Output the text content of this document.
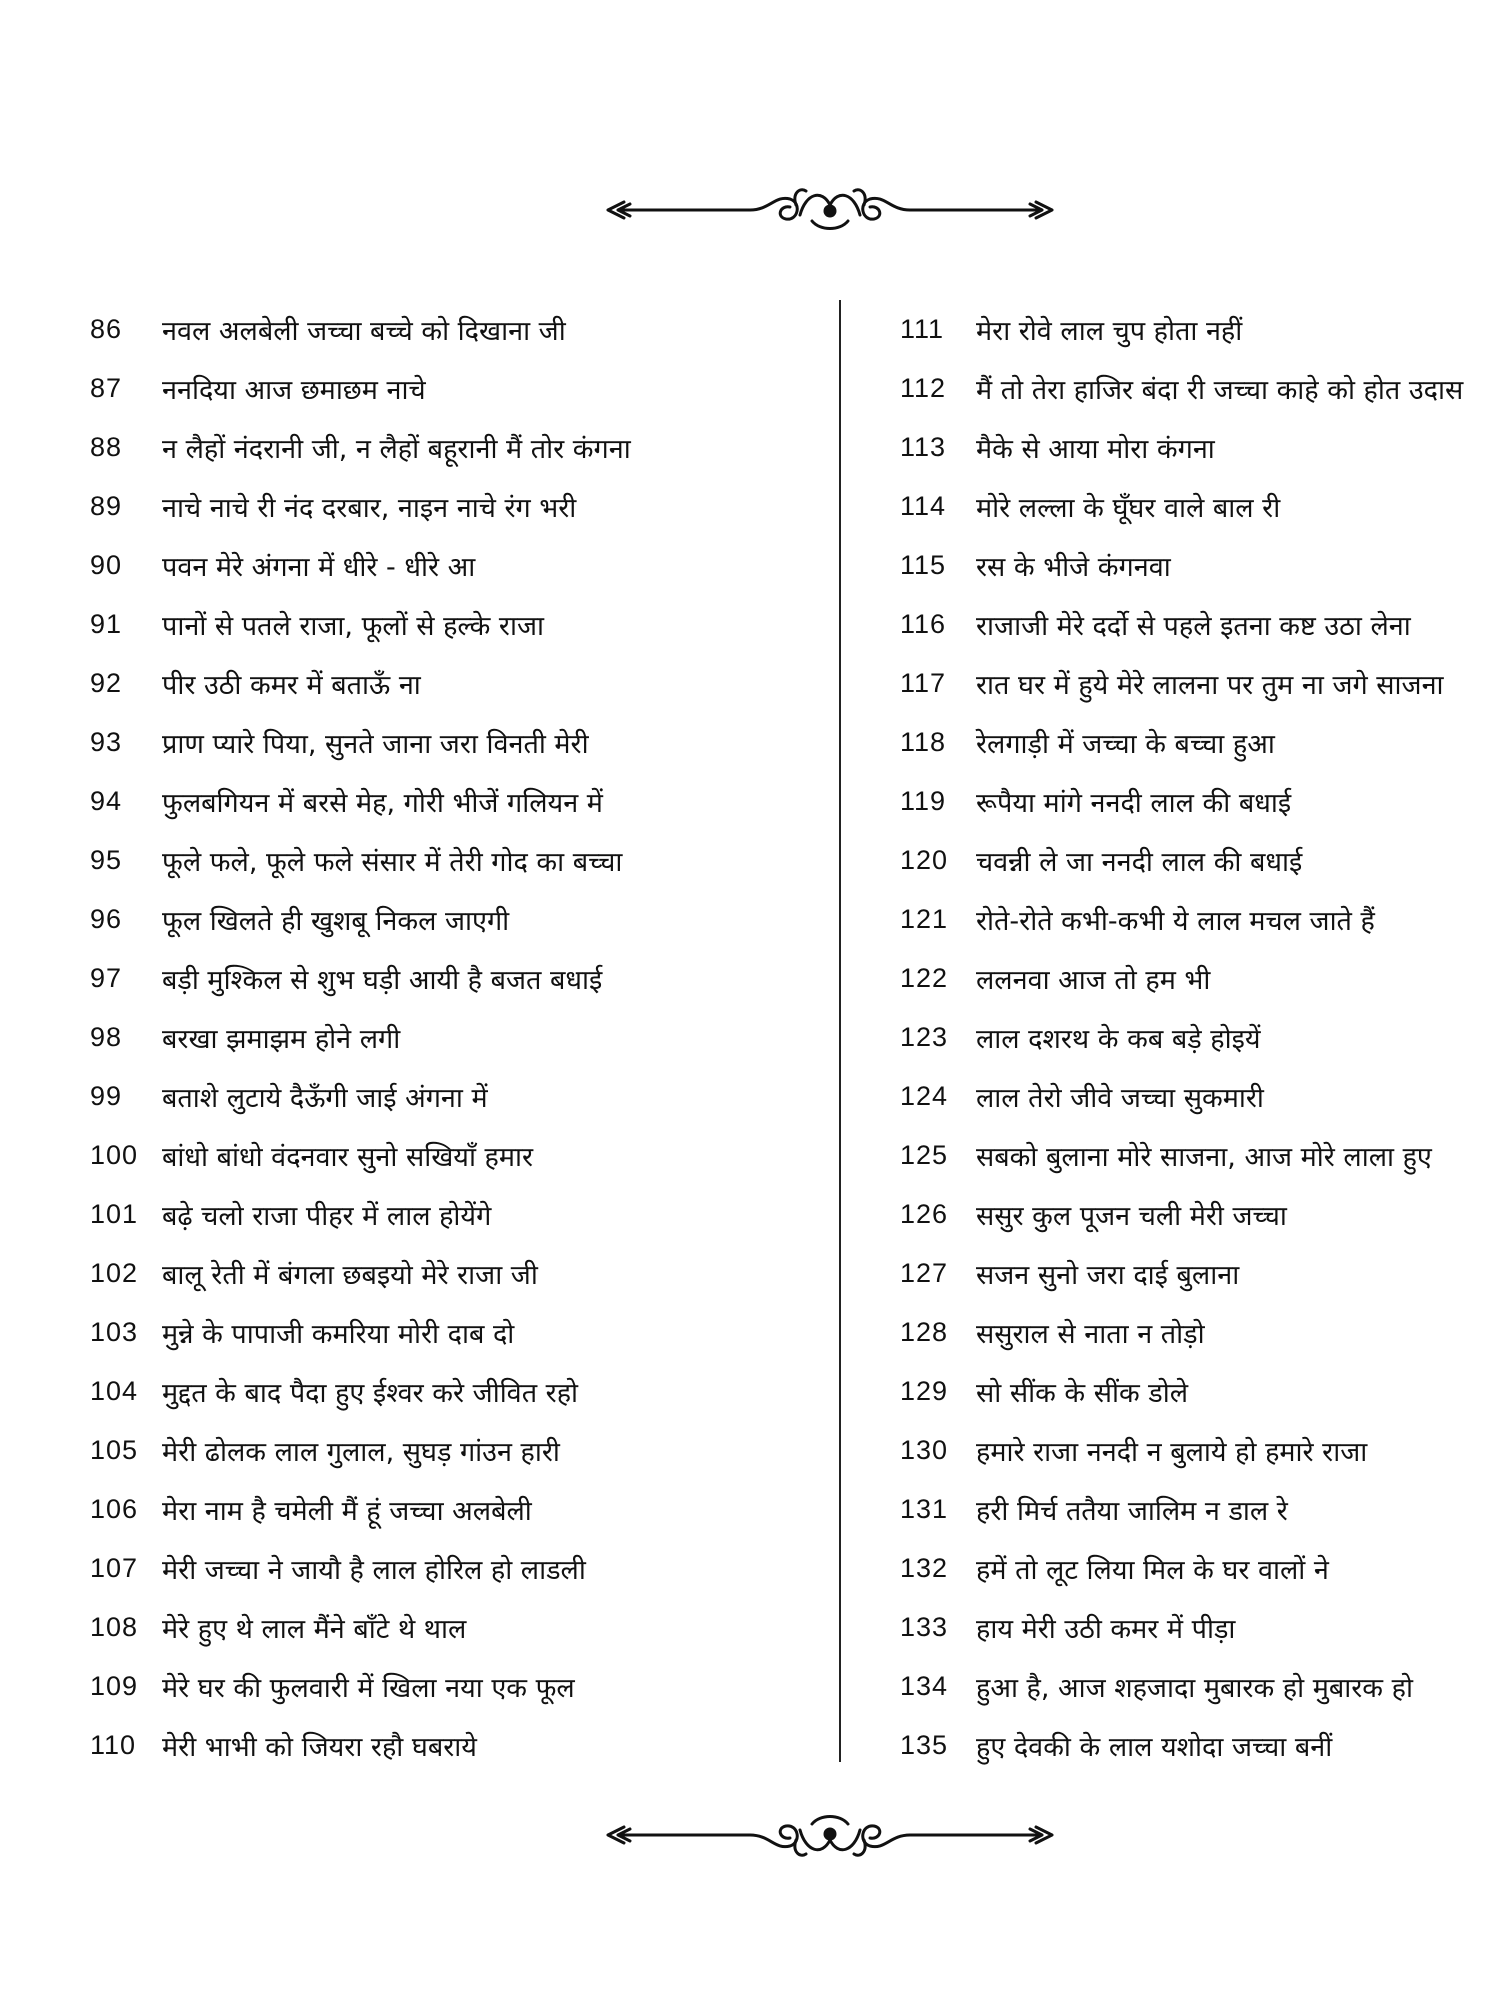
86	नवल अलबेली जच्चा बच्चे को दिखाना जी
87	ननदिया आज छमाछम नाचे
88	न लैहों नंदरानी जी, न लैहों बहूरानी मैं तोर कंगना
89	नाचे नाचे री नंद दरबार, नाइन नाचे रंग भरी
90	पवन मेरे अंगना में धीरे - धीरे आ
91	पानों से पतले राजा, फूलों से हल्के राजा
92	पीर उठी कमर में बताऊँ ना
93	प्राण प्यारे पिया, सुनते जाना जरा विनती मेरी
94	फुलबगियन में बरसे मेह, गोरी भीजें गलियन में
95	फूले फले, फूले फले संसार में तेरी गोद का बच्चा
96	फूल खिलते ही खुशबू निकल जाएगी
97	बड़ी मुश्किल से शुभ घड़ी आयी है बजत बधाई
98	बरखा झमाझम होने लगी
99	बताशे लुटाये दैऊँगी जाई अंगना में
100 बांधो बांधो वंदनवार सुनो सखियाँ हमार
101 बढ़े चलो राजा पीहर में लाल होयेंगे
102 बालू रेती में बंगला छबइयो मेरे राजा जी
103 मुन्ने के पापाजी कमरिया मोरी दाब दो
104 मुद्दत के बाद पैदा हुए ईश्वर करे जीवित रहो
105 मेरी ढोलक लाल गुलाल, सुघड़ गांउन हारी
106 मेरा नाम है चमेली मैं हूं जच्चा अलबेली
107 मेरी जच्चा ने जायौ है लाल होरिल हो लाडली
108 मेरे हुए थे लाल मैंने बाँटे थे थाल
109 मेरे घर की फुलवारी में खिला नया एक फूल
110 मेरी भाभी को जियरा रहौ घबराये
111	मेरा रोवे लाल चुप होता नहीं
112	मैं तो तेरा हाजिर बंदा री जच्चा काहे को होत उदास
113	मैके से आया मोरा कंगना
114	मोरे लल्ला के घूँघर वाले बाल री
115	रस के भीजे कंगनवा
116	राजाजी मेरे दर्दो से पहले इतना कष्ट उठा लेना
117	रात घर में हुये मेरे लालना पर तुम ना जगे साजना
118	रेलगाड़ी में जच्चा के बच्चा हुआ
119	रूपैया मांगे ननदी लाल की बधाई
120	चवन्नी ले जा ननदी लाल की बधाई
121	रोते-रोते कभी-कभी ये लाल मचल जाते हैं
122	ललनवा आज तो हम भी
123	लाल दशरथ के कब बड़े होइयें
124	लाल तेरो जीवे जच्चा सुकमारी
125	सबको बुलाना मोरे साजना, आज मोरे लाला हुए
126	ससुर कुल पूजन चली मेरी जच्चा
127	सजन सुनो जरा दाई बुलाना
128	ससुराल से नाता न तोड़ो
129	सो सींक के सींक डोले
130	हमारे राजा ननदी न बुलाये हो हमारे राजा
131	हरी मिर्च ततैया जालिम न डाल रे
132	हमें तो लूट लिया मिल के घर वालों ने
133	हाय मेरी उठी कमर में पीड़ा
134	हुआ है, आज शहजादा मुबारक हो मुबारक हो
135	हुए देवकी के लाल यशोदा जच्चा बनीं
